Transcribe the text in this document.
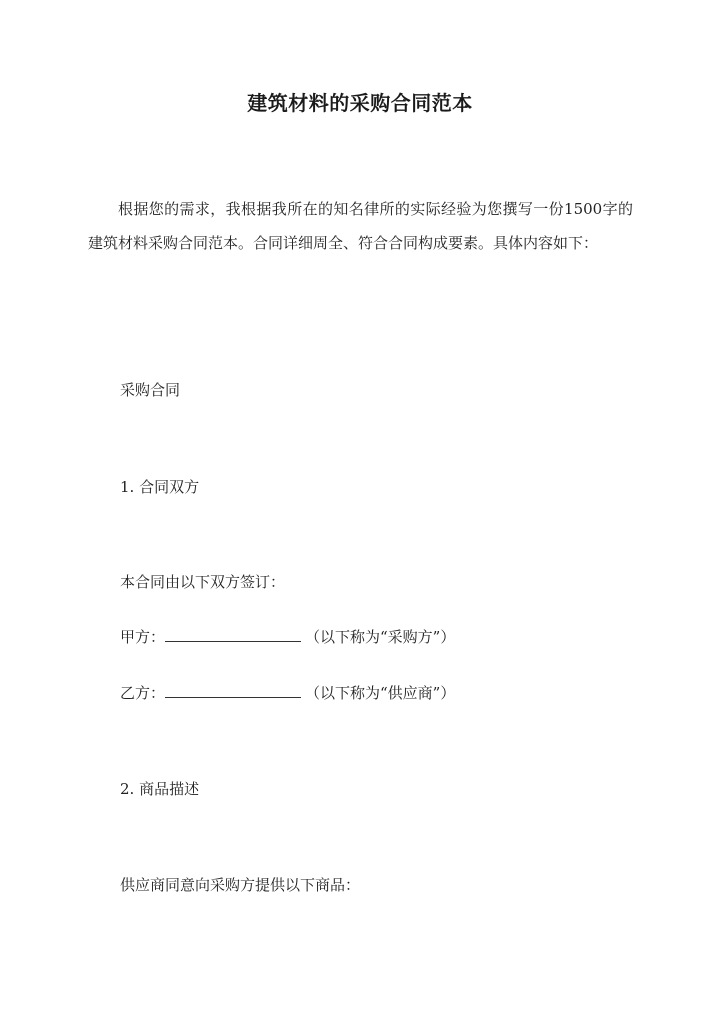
建筑材料的采购合同范本

根据您的需求，我根据我所在的知名律所的实际经验为您撰写一份1500字的建筑材料采购合同范本。合同详细周全、符合合同构成要素。具体内容如下：

采购合同

1. 合同双方

本合同由以下双方签订：

甲方：	（以下称为“采购方”）

乙方：	（以下称为“供应商”）

2. 商品描述

供应商同意向采购方提供以下商品：
